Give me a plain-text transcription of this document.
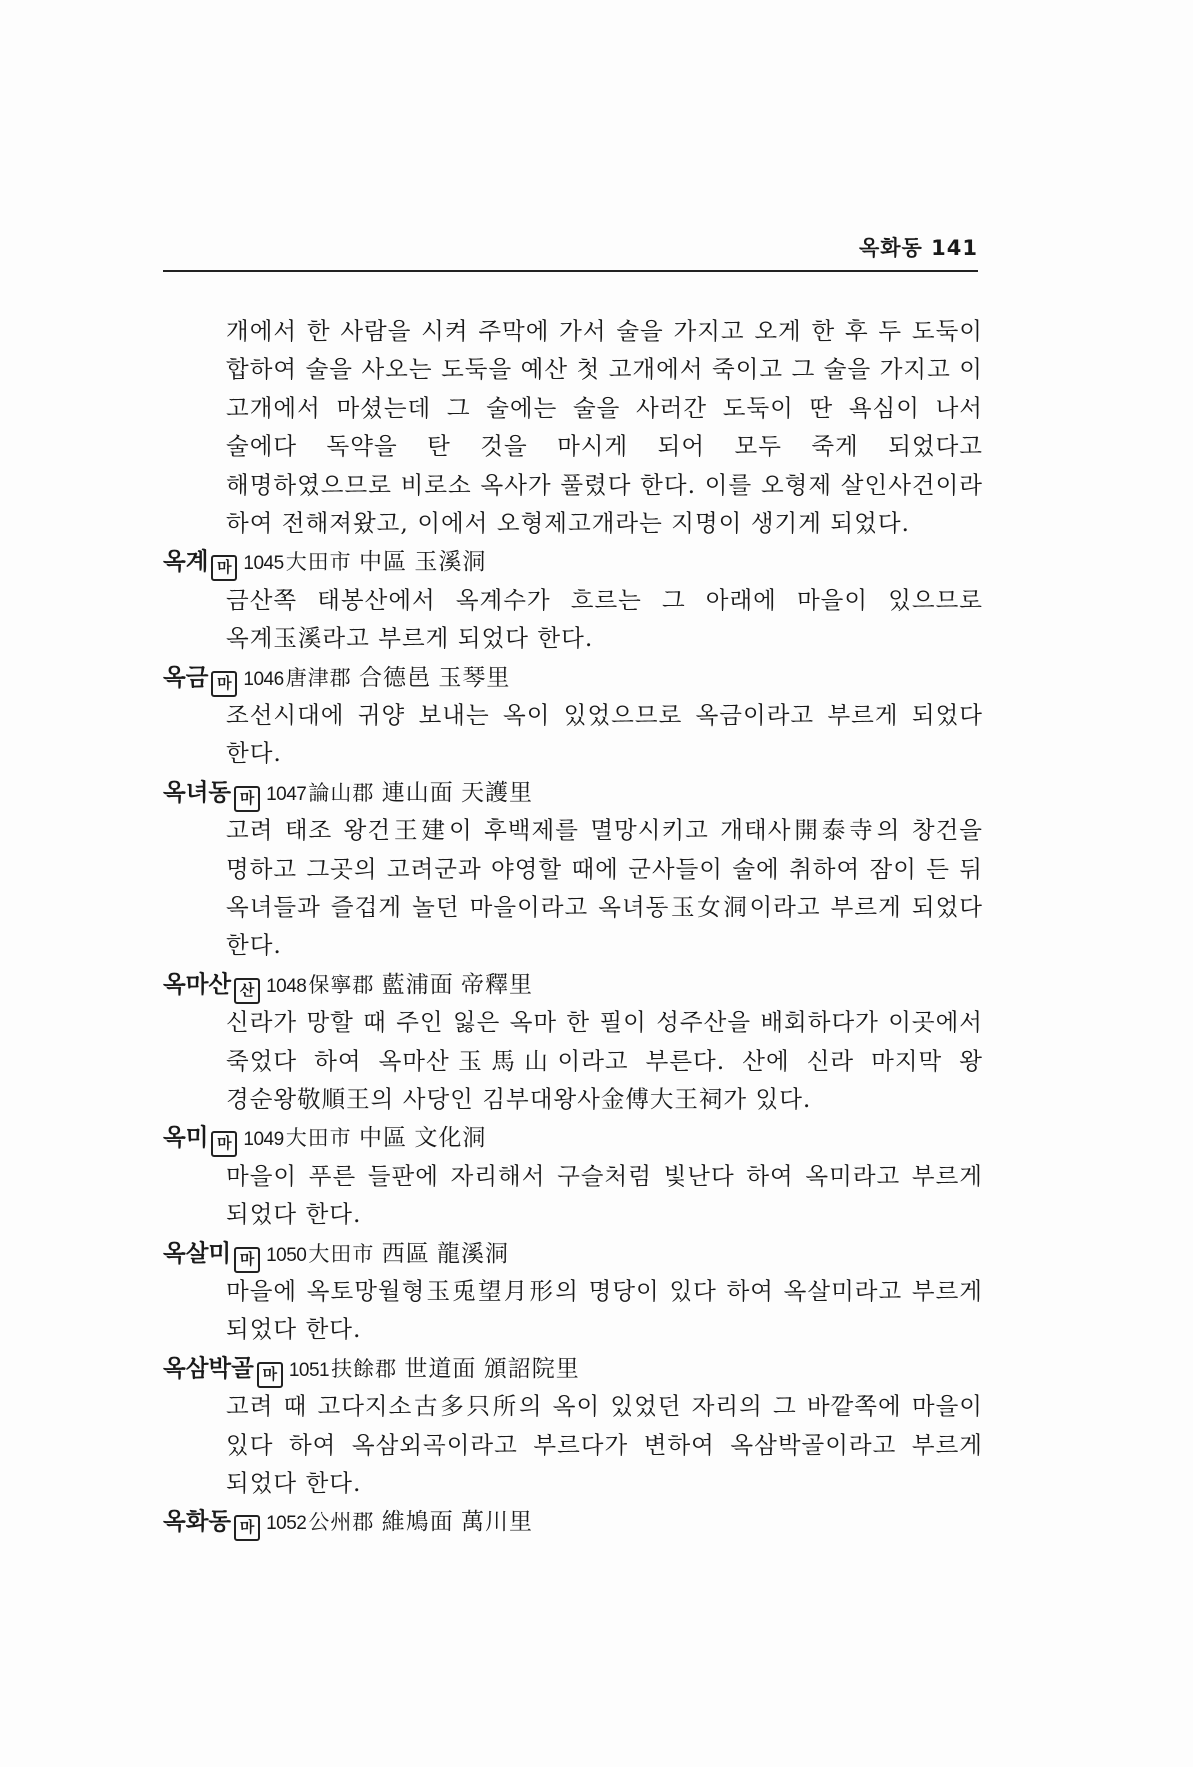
옥화동 141

개에서 한 사람을 시켜 주막에 가서 술을 가지고 오게 한 후 두 도둑이 합하여 술을 사오는 도둑을 예산 첫 고개에서 죽이고 그 술을 가지고 이 고개에서 마셨는데 그 술에는 술을 사러간 도둑이 딴 욕심이 나서 술에다 독약을 탄 것을 마시게 되어 모두 죽게 되었다고 해명하였으므로 비로소 옥사가 풀렸다 한다. 이를 오형제 살인사건이라 하여 전해져왔고, 이에서 오형제고개라는 지명이 생기게 되었다.

옥계 마 1045大田市 中區 玉溪洞

금산쪽 태봉산에서 옥계수가 흐르는 그 아래에 마을이 있으므로 옥계玉溪라고 부르게 되었다 한다.

옥금 마 1046唐津郡 合德邑 玉琴里

조선시대에 귀양 보내는 옥이 있었으므로 옥금이라고 부르게 되었다 한다.

옥녀동 마 1047論山郡 連山面 天護里

고려 태조 왕건王建이 후백제를 멸망시키고 개태사開泰寺의 창건을 명하고 그곳의 고려군과 야영할 때에 군사들이 술에 취하여 잠이 든 뒤 옥녀들과 즐겁게 놀던 마을이라고 옥녀동玉女洞이라고 부르게 되었다 한다.

옥마산 산 1048保寧郡 藍浦面 帝釋里

신라가 망할 때 주인 잃은 옥마 한 필이 성주산을 배회하다가 이곳에서 죽었다 하여 옥마산玉馬山이라고 부른다. 산에 신라 마지막 왕 경순왕敬順王의 사당인 김부대왕사金傅大王祠가 있다.

옥미 마 1049大田市 中區 文化洞

마을이 푸른 들판에 자리해서 구슬처럼 빛난다 하여 옥미라고 부르게 되었다 한다.

옥살미 마 1050大田市 西區 龍溪洞

마을에 옥토망월형玉兎望月形의 명당이 있다 하여 옥살미라고 부르게 되었다 한다.

옥삼박골 마 1051扶餘郡 世道面 頒詔院里

고려 때 고다지소古多只所의 옥이 있었던 자리의 그 바깥쪽에 마을이 있다 하여 옥삼외곡이라고 부르다가 변하여 옥삼박골이라고 부르게 되었다 한다.

옥화동 마 1052公州郡 維鳩面 萬川里
